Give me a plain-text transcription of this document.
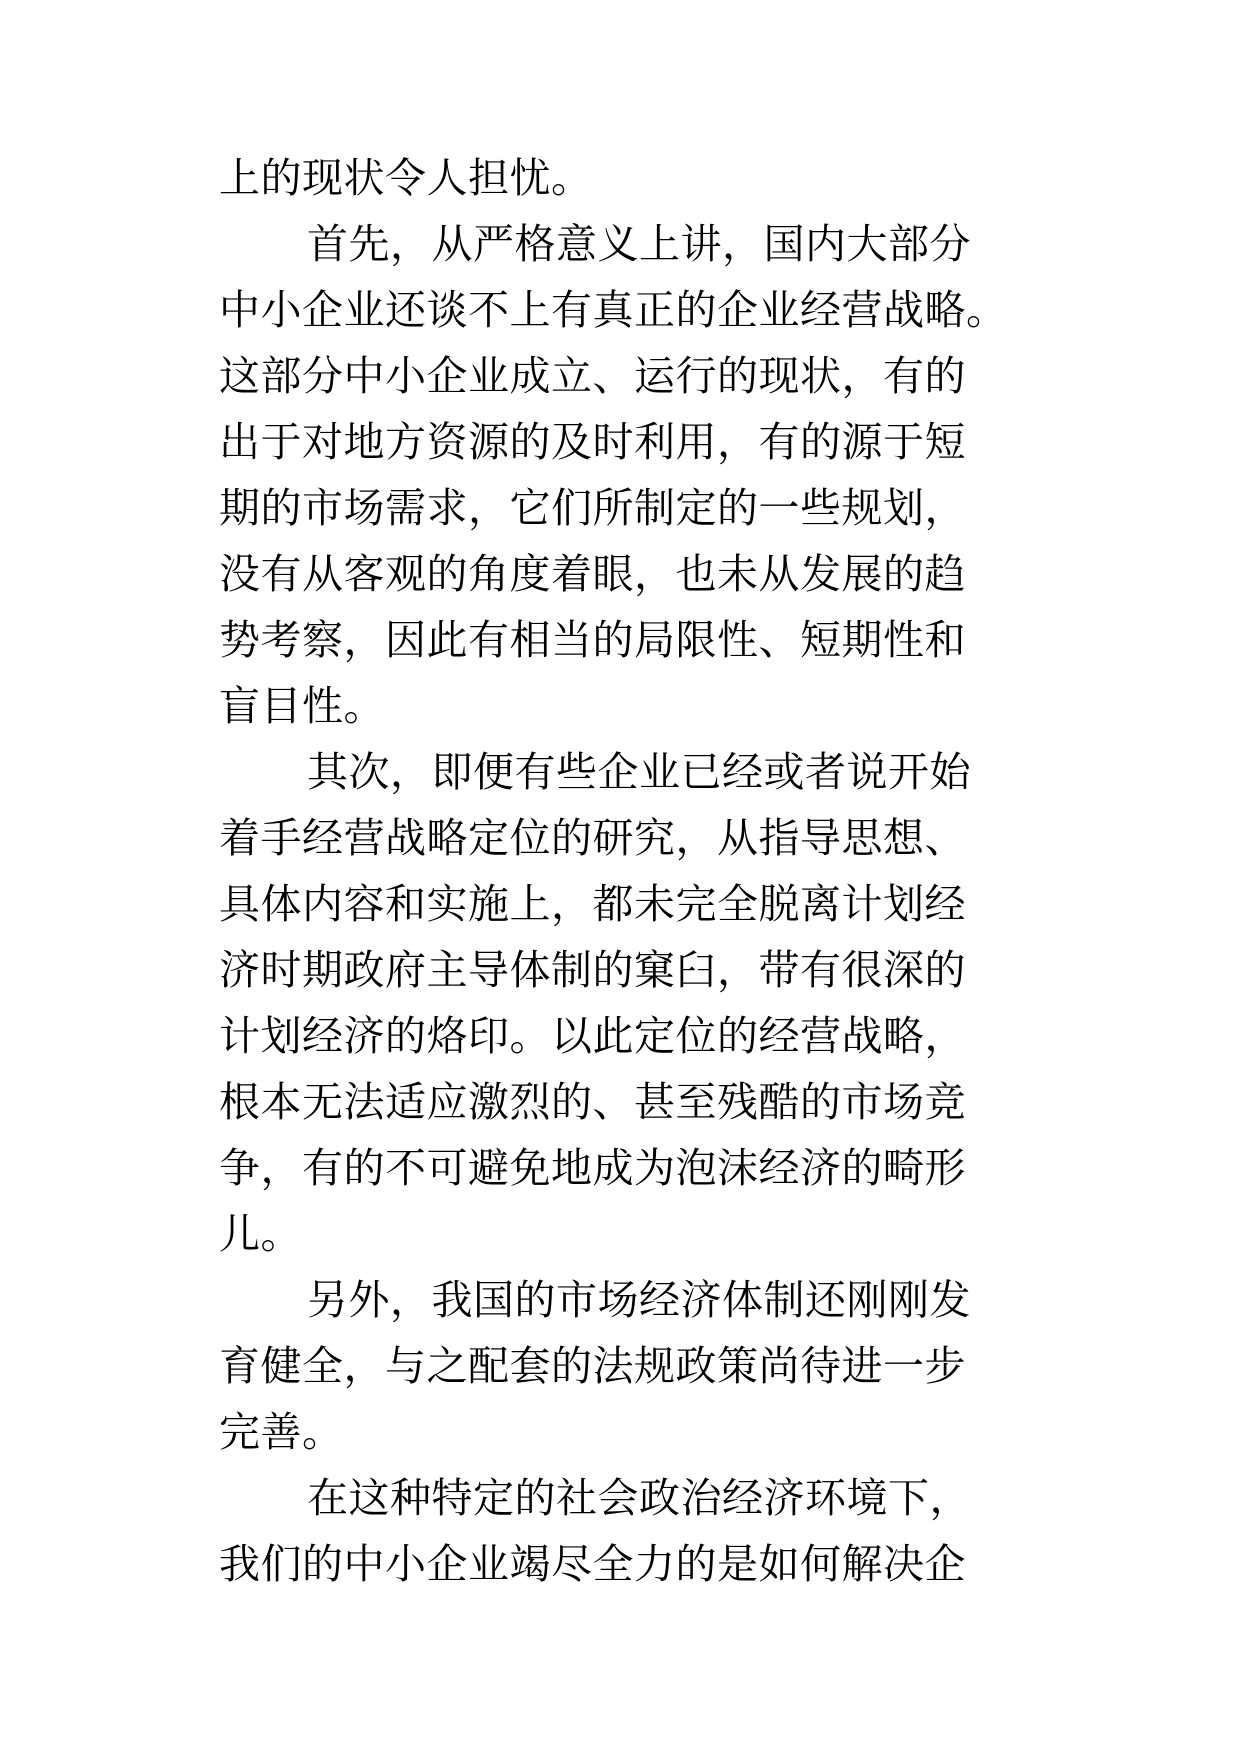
上的现状令人担忧。
首先，从严格意义上讲，国内大部分
中小企业还谈不上有真正的企业经营战略。
这部分中小企业成立、运行的现状，有的
出于对地方资源的及时利用，有的源于短
期的市场需求，它们所制定的一些规划，
没有从客观的角度着眼，也未从发展的趋
势考察，因此有相当的局限性、短期性和
盲目性。
其次，即便有些企业已经或者说开始
着手经营战略定位的研究，从指导思想、
具体内容和实施上，都未完全脱离计划经
济时期政府主导体制的窠臼，带有很深的
计划经济的烙印。以此定位的经营战略，
根本无法适应激烈的、甚至残酷的市场竞
争，有的不可避免地成为泡沫经济的畸形
儿。
另外，我国的市场经济体制还刚刚发
育健全，与之配套的法规政策尚待进一步
完善。
在这种特定的社会政治经济环境下，
我们的中小企业竭尽全力的是如何解决企
